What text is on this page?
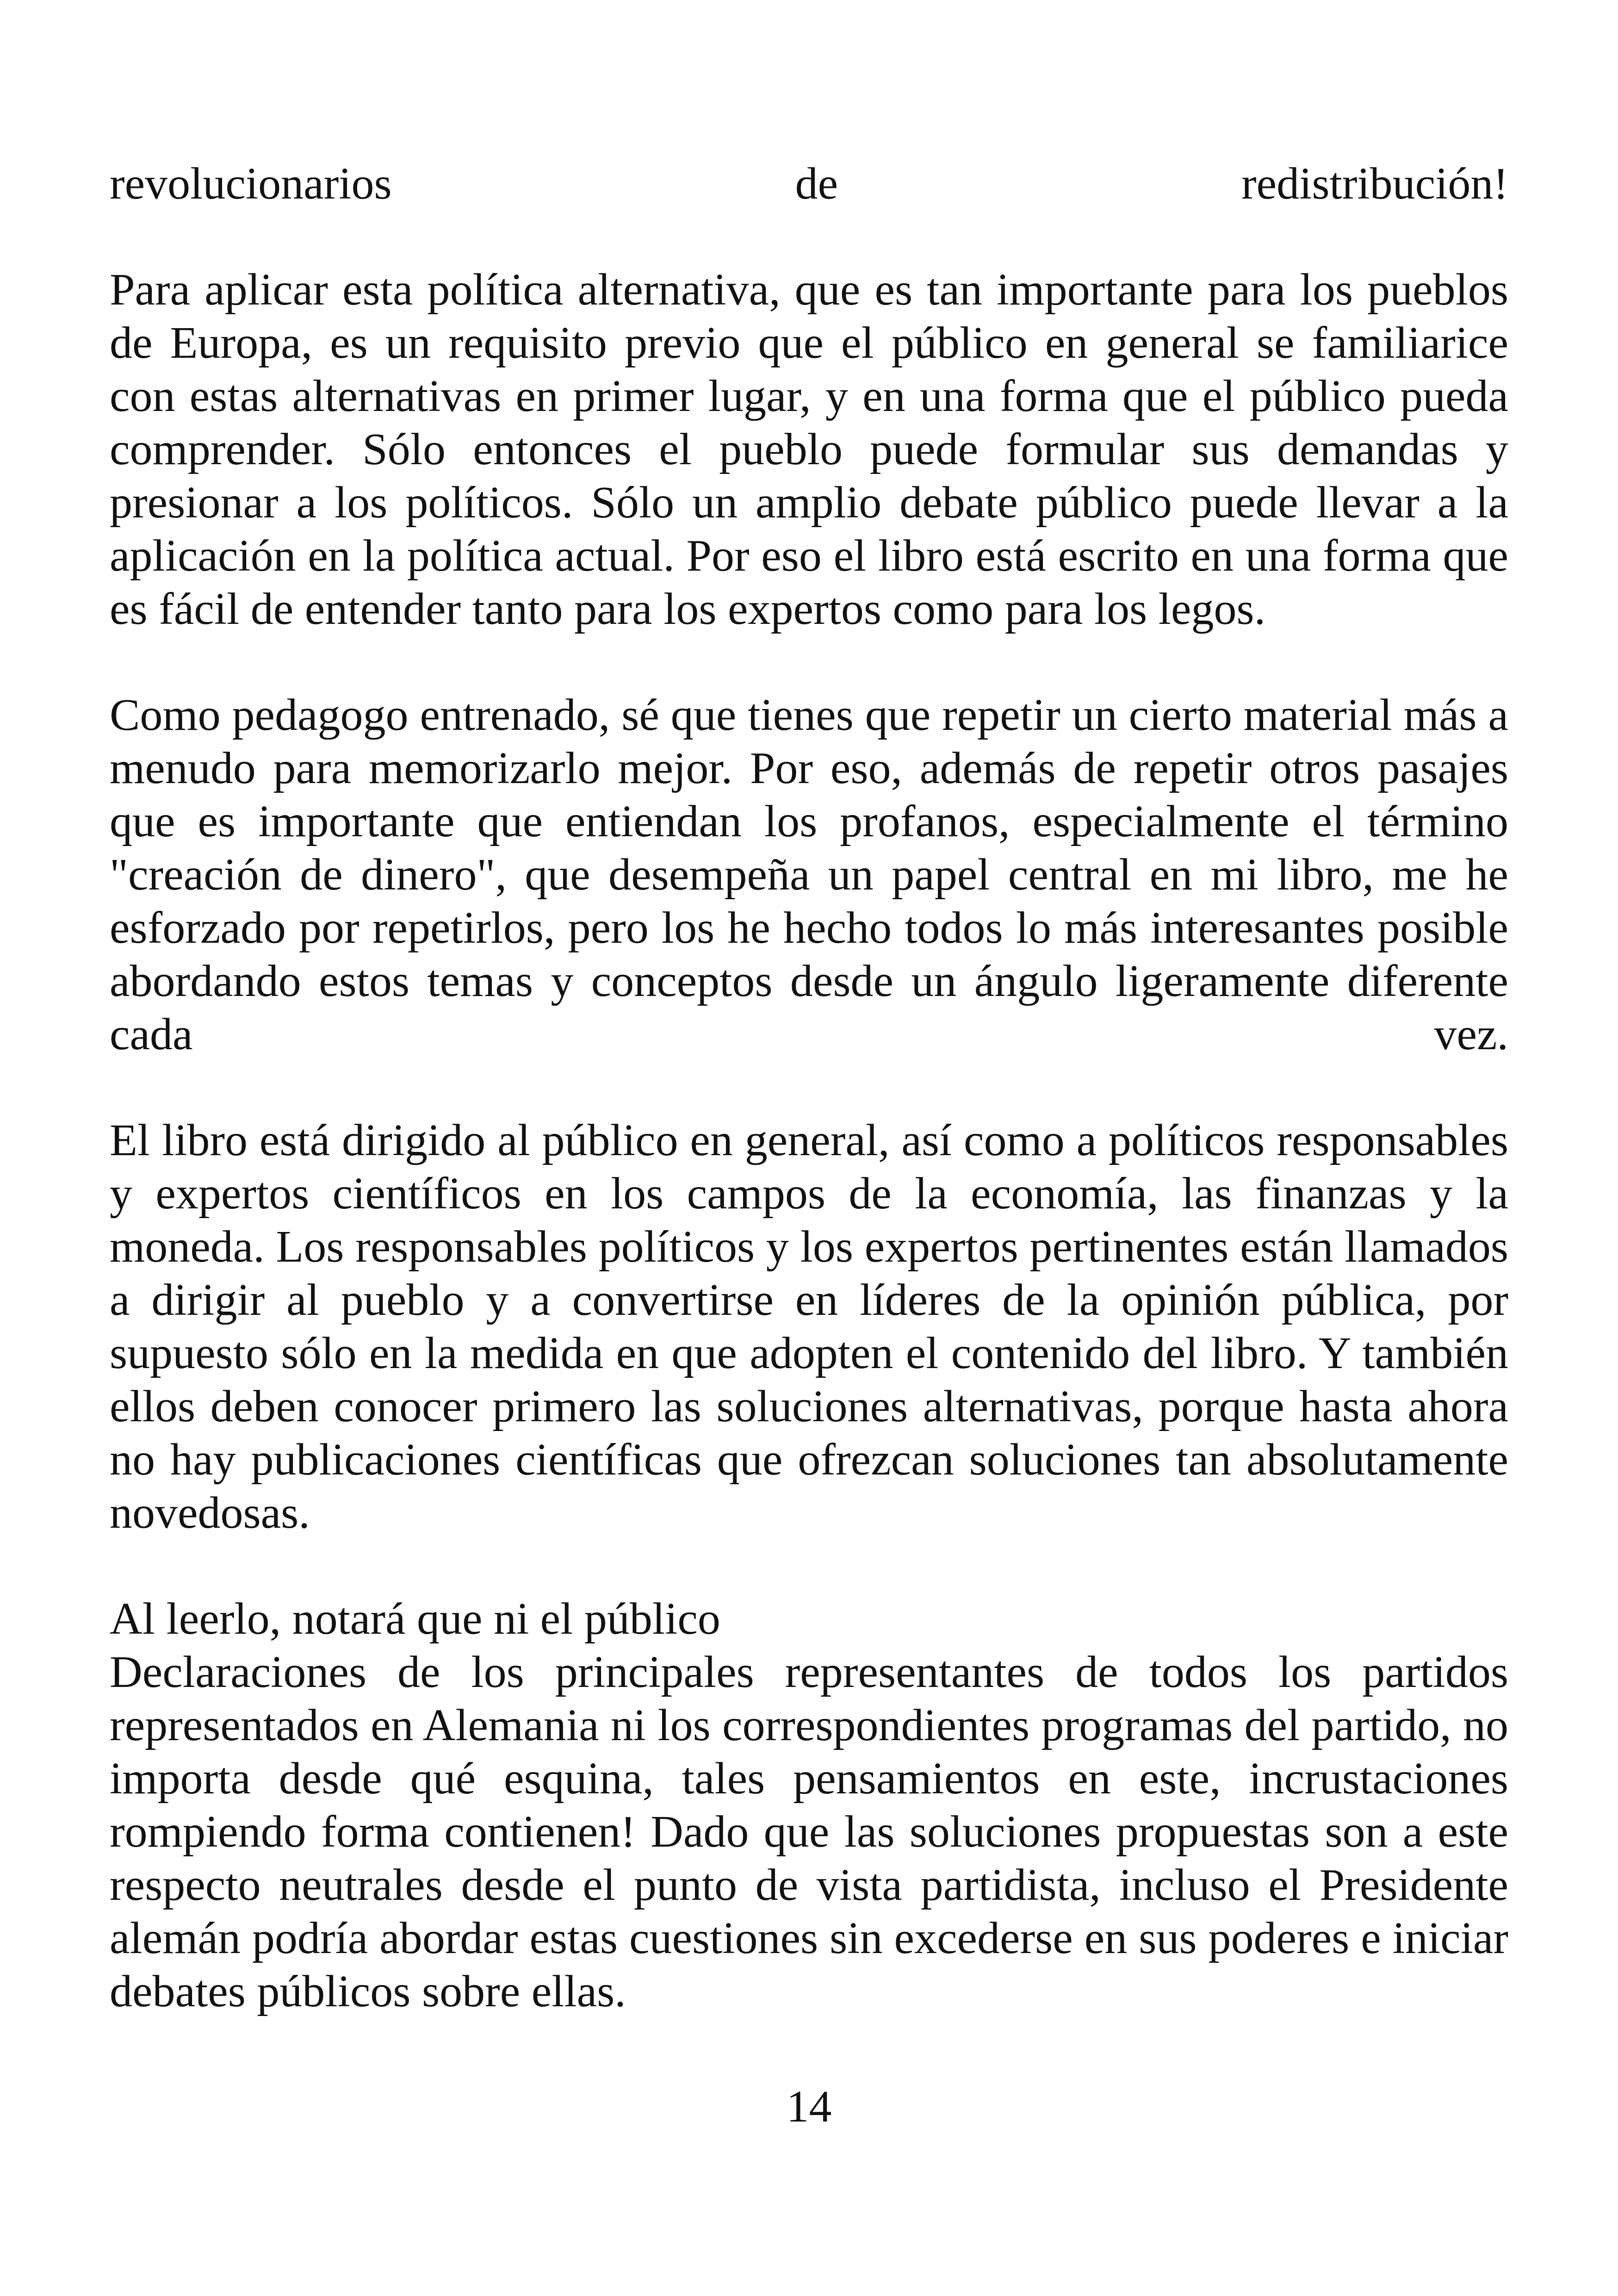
revolucionarios	de	redistribución!

Para aplicar esta política alternativa, que es tan importante para los pueblos de Europa, es un requisito previo que el público en general se familiarice con estas alternativas en primer lugar, y en una forma que el público pueda comprender. Sólo entonces el pueblo puede formular sus demandas y presionar a los políticos. Sólo un amplio debate público puede llevar a la aplicación en la política actual. Por eso el libro está escrito en una forma que es fácil de entender tanto para los expertos como para los legos.

Como pedagogo entrenado, sé que tienes que repetir un cierto material más a menudo para memorizarlo mejor. Por eso, además de repetir otros pasajes que es importante que entiendan los profanos, especialmente el término "creación de dinero", que desempeña un papel central en mi libro, me he esforzado por repetirlos, pero los he hecho todos lo más interesantes posible abordando estos temas y conceptos desde un ángulo ligeramente diferente cada vez.

El libro está dirigido al público en general, así como a políticos responsables y expertos científicos en los campos de la economía, las finanzas y la moneda. Los responsables políticos y los expertos pertinentes están llamados a dirigir al pueblo y a convertirse en líderes de la opinión pública, por supuesto sólo en la medida en que adopten el contenido del libro. Y también ellos deben conocer primero las soluciones alternativas, porque hasta ahora no hay publicaciones científicas que ofrezcan soluciones tan absolutamente novedosas.

Al leerlo, notará que ni el público

Declaraciones de los principales representantes de todos los partidos representados en Alemania ni los correspondientes programas del partido, no importa desde qué esquina, tales pensamientos en este, incrustaciones rompiendo forma contienen! Dado que las soluciones propuestas son a este respecto neutrales desde el punto de vista partidista, incluso el Presidente alemán podría abordar estas cuestiones sin excederse en sus poderes e iniciar debates públicos sobre ellas.

14
